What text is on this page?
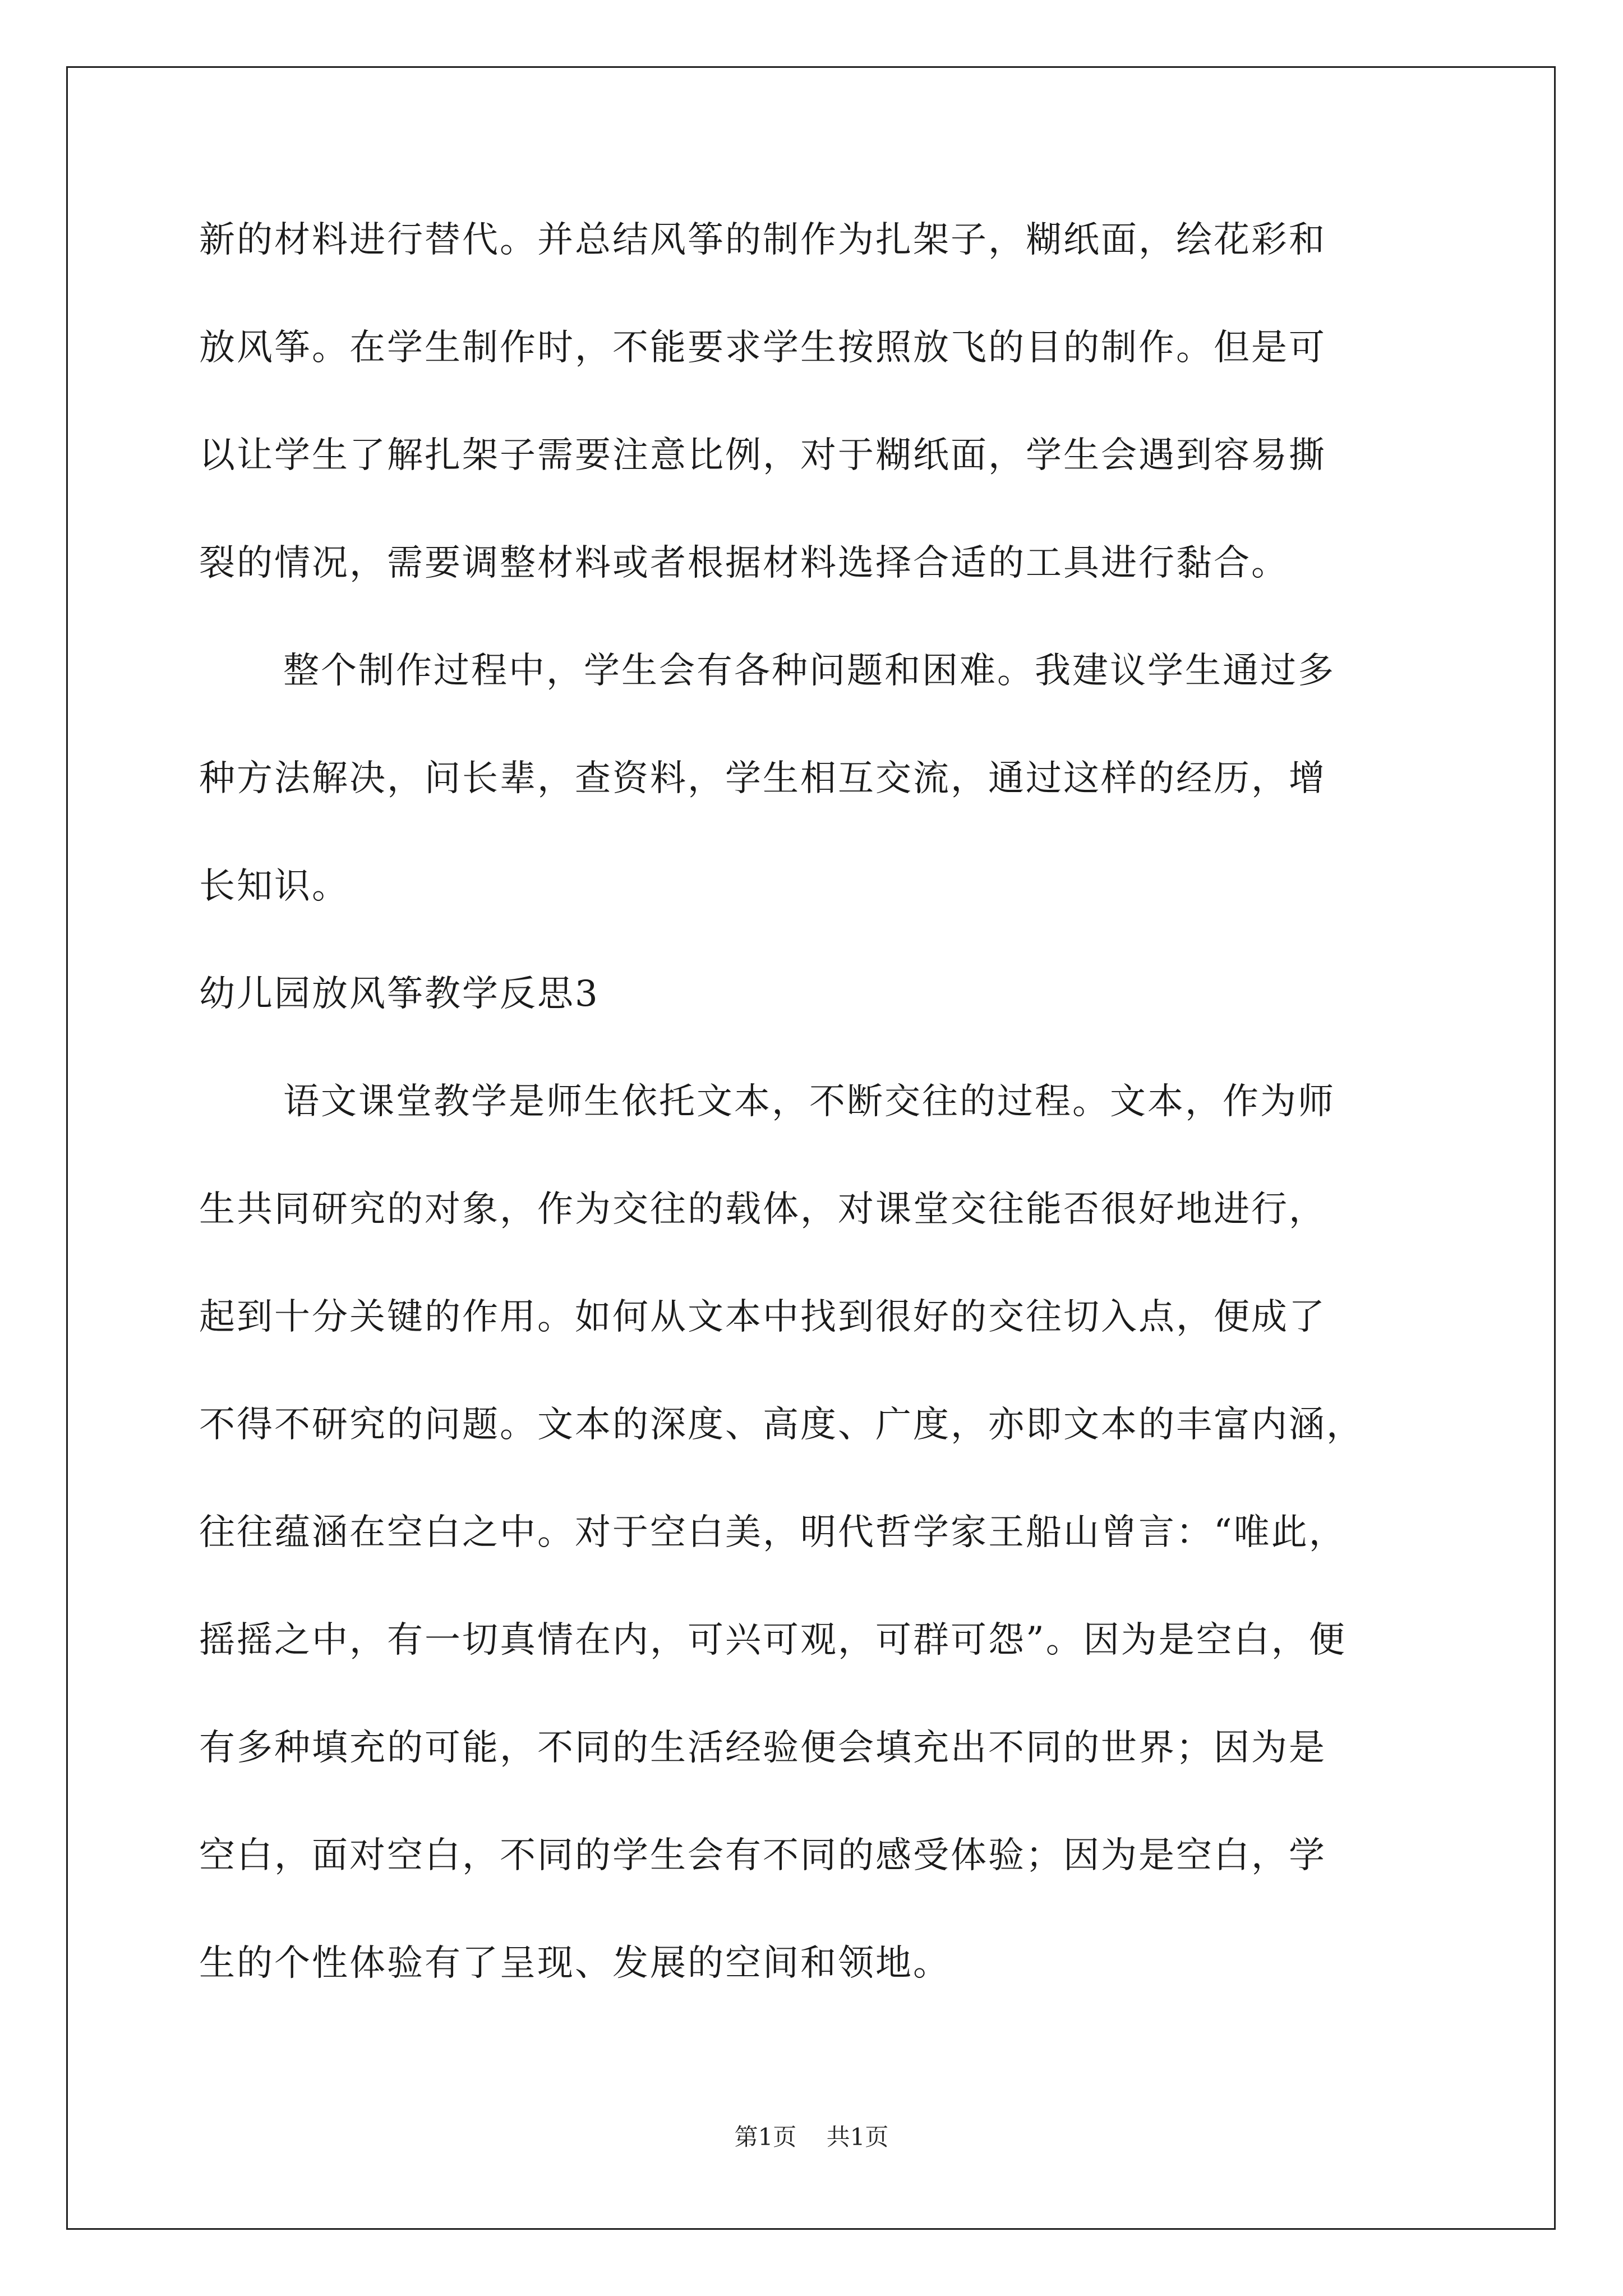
新的材料进行替代。并总结风筝的制作为扎架子，糊纸面，绘花彩和
放风筝。在学生制作时，不能要求学生按照放飞的目的制作。但是可
以让学生了解扎架子需要注意比例，对于糊纸面，学生会遇到容易撕
裂的情况，需要调整材料或者根据材料选择合适的工具进行黏合。
整个制作过程中，学生会有各种问题和困难。我建议学生通过多
种方法解决，问长辈，查资料，学生相互交流，通过这样的经历，增
长知识。
幼儿园放风筝教学反思3
语文课堂教学是师生依托文本，不断交往的过程。文本，作为师
生共同研究的对象，作为交往的载体，对课堂交往能否很好地进行，
起到十分关键的作用。如何从文本中找到很好的交往切入点，便成了
不得不研究的问题。文本的深度、高度、广度，亦即文本的丰富内涵，
往往蕴涵在空白之中。对于空白美，明代哲学家王船山曾言：“唯此，
摇摇之中，有一切真情在内，可兴可观，可群可怨”。因为是空白，便
有多种填充的可能，不同的生活经验便会填充出不同的世界；因为是
空白，面对空白，不同的学生会有不同的感受体验；因为是空白，学
生的个性体验有了呈现、发展的空间和领地。
第1页 共1页
